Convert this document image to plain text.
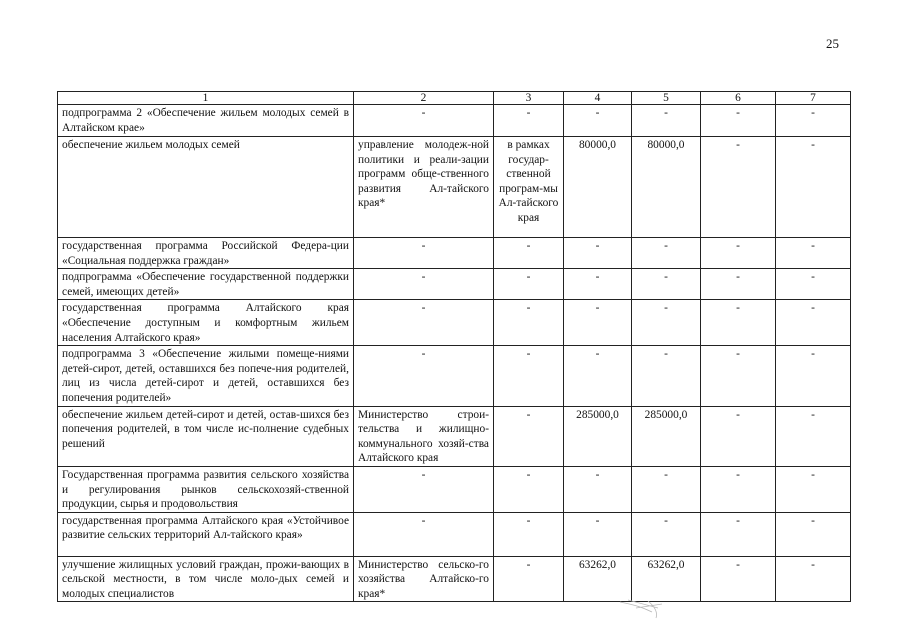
25
1	2	3	4	5	6	7
подпрограмма 2 «Обеспечение жильем молодых семей в Алтайском крае»	-	-	-	-	-	-
обеспечение жильем молодых семей	управление молодеж-ной политики и реали-зации программ обще-ственного развития Ал-тайского края*	в рамках государ-ственной програм-мы Ал-тайского края	80000,0	80000,0	-	-
государственная программа Российской Федера-ции «Социальная поддержка граждан»	-	-	-	-	-	-
подпрограмма «Обеспечение государственной поддержки семей, имеющих детей»	-	-	-	-	-	-
государственная программа Алтайского края «Обеспечение доступным и комфортным жильем населения Алтайского края»	-	-	-	-	-	-
подпрограмма 3 «Обеспечение жилыми помеще-ниями детей-сирот, детей, оставшихся без попече-ния родителей, лиц из числа детей-сирот и детей, оставшихся без попечения родителей»	-	-	-	-	-	-
обеспечение жильем детей-сирот и детей, остав-шихся без попечения родителей, в том числе ис-полнение судебных решений	Министерство строи-тельства и жилищно-коммунального хозяй-ства Алтайского края	-	285000,0	285000,0	-	-
Государственная программа развития сельского хозяйства и регулирования рынков сельскохозяй-ственной продукции, сырья и продовольствия	-	-	-	-	-	-
государственная программа Алтайского края «Устойчивое развитие сельских территорий Ал-тайского края»	-	-	-	-	-	-
улучшение жилищных условий граждан, прожи-вающих в сельской местности, в том числе моло-дых семей и молодых специалистов	Министерство сельско-го хозяйства Алтайско-го края*	-	63262,0	63262,0	-	-
